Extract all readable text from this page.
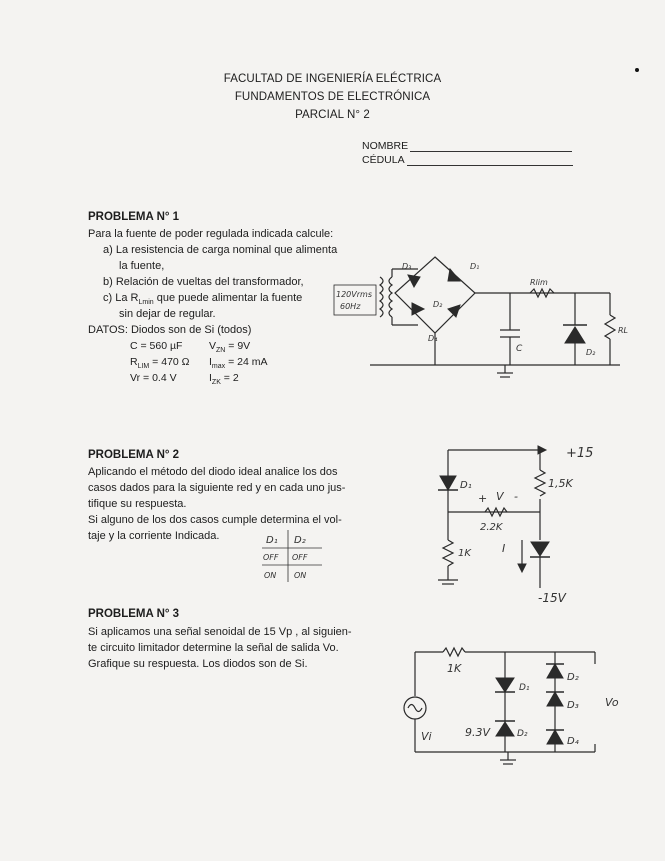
FACULTAD DE INGENIERÍA ELÉCTRICA
FUNDAMENTOS DE ELECTRÓNICA
PARCIAL N° 2
NOMBRE
CÉDULA
PROBLEMA N° 1
Para la fuente de poder regulada indicada calcule:
a) La resistencia de carga nominal que alimenta
la fuente,
b) Relación de vueltas del transformador,
c) La $R_{Lmin}$ que puede alimentar la fuente
sin dejar de regular.
DATOS: Diodos son de Si (todos)
C = 560 µF	$V_{ZN} = 9V$
$R_{LIM} = 470$ Ω $I_{max} = 24$ mA
Vr = 0.4 V	$I_{ZK} = 2$
120Vrms
60Hz
D₃	D₁
D₂
D₄
C
Rlim
D₂
RL
PROBLEMA N° 2
Aplicando el método del diodo ideal analice los dos
casos dados para la siguiente red y en cada uno jus-
tifique su respuesta.
Si alguno de los dos casos cumple determina el vol-
taje y la corriente Indicada.	D₁ D₂
OFF OFF
ON ON
+15
1,5K
D₁
+ V -
2.2K
1K	I
-15V
PROBLEMA N° 3
Si aplicamos una señal senoidal de 15 Vp , al siguien-
te circuito limitador determine la señal de salida Vo.
Grafique su respuesta. Los diodos son de Si.	1K
Vi
D₁
9.3V	D₂
D₂
D₃
D₄
Vo
